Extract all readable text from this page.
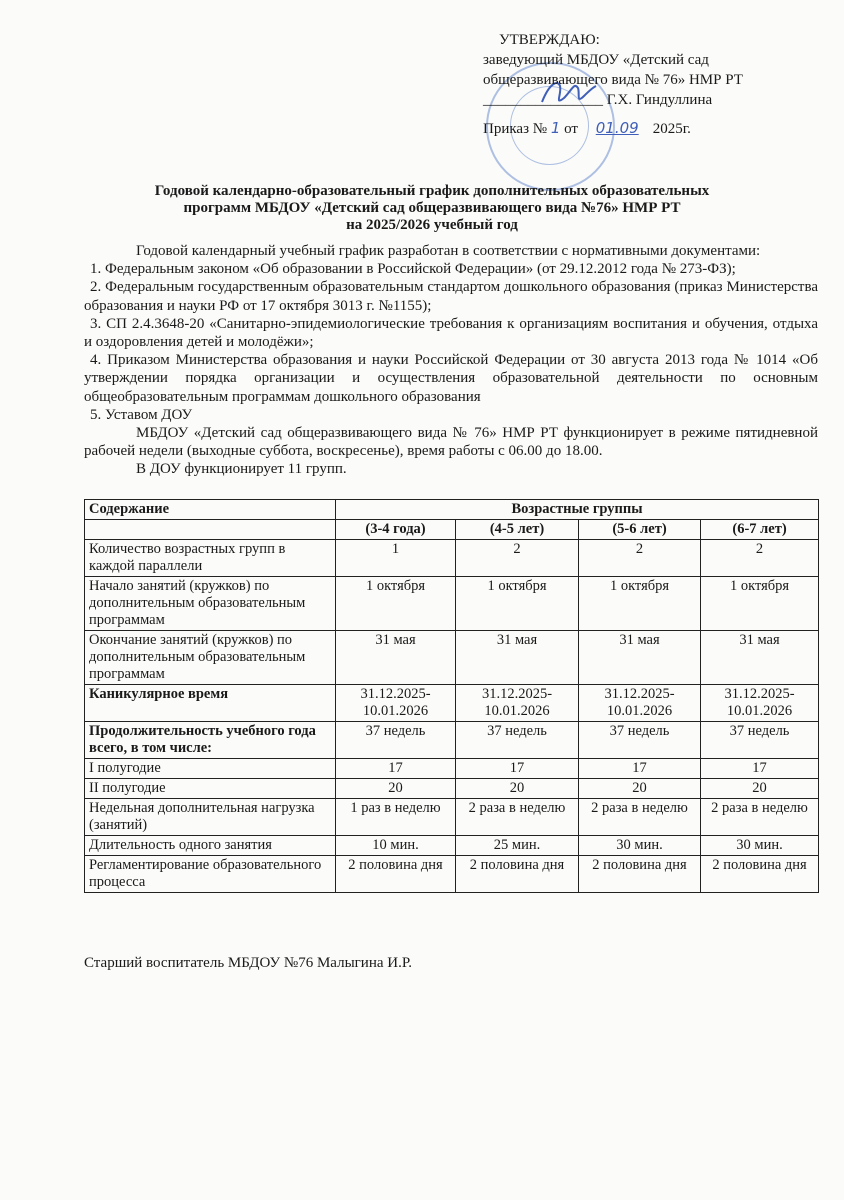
УТВЕРЖДАЮ:
заведующий МБДОУ «Детский сад
общеразвивающего вида № 76» НМР РТ
________________ Г.Х. Гиндуллина
Приказ № 1 от 01.09 2025г.
Годовой календарно-образовательный график дополнительных образовательных
программ МБДОУ «Детский сад общеразвивающего вида №76» НМР РТ
на 2025/2026 учебный год

Годовой календарный учебный график разработан в соответствии с нормативными документами:

1. Федеральным законом «Об образовании в Российской Федерации» (от 29.12.2012 года № 273-ФЗ);

2. Федеральным государственным образовательным стандартом дошкольного образования (приказ Министерства образования и науки РФ от 17 октября 3013 г. №1155);

3. СП 2.4.3648-20 «Санитарно-эпидемиологические требования к организациям воспитания и обучения, отдыха и оздоровления детей и молодёжи»;

4. Приказом Министерства образования и науки Российской Федерации от 30 августа 2013 года № 1014 «Об утверждении порядка организации и осуществления образовательной деятельности по основным общеобразовательным программам дошкольного образования

5. Уставом ДОУ

МБДОУ «Детский сад общеразвивающего вида № 76» НМР РТ функционирует в режиме пятидневной рабочей недели (выходные суббота, воскресенье), время работы с 06.00 до 18.00.

В ДОУ функционирует 11 групп.

Содержание	Возрастные группы			
	(3-4 года)	(4-5 лет)	(5-6 лет)	(6-7 лет)
Количество возрастных групп в каждой параллели	1	2	2	2
Начало занятий (кружков) по дополнительным образовательным программам	1 октября	1 октября	1 октября	1 октября
Окончание занятий (кружков) по дополнительным образовательным программам	31 мая	31 мая	31 мая	31 мая
Каникулярное время	31.12.2025-10.01.2026	31.12.2025-10.01.2026	31.12.2025-10.01.2026	31.12.2025-10.01.2026
Продолжительность учебного года всего, в том числе:	37 недель	37 недель	37 недель	37 недель
I полугодие	17	17	17	17
II полугодие	20	20	20	20
Недельная дополнительная нагрузка (занятий)	1 раз в неделю	2 раза в неделю	2 раза в неделю	2 раза в неделю
Длительность одного занятия	10 мин.	25 мин.	30 мин.	30 мин.
Регламентирование образовательного процесса	2 половина дня	2 половина дня	2 половина дня	2 половина дня
Старший воспитатель МБДОУ №76 Малыгина И.Р.
